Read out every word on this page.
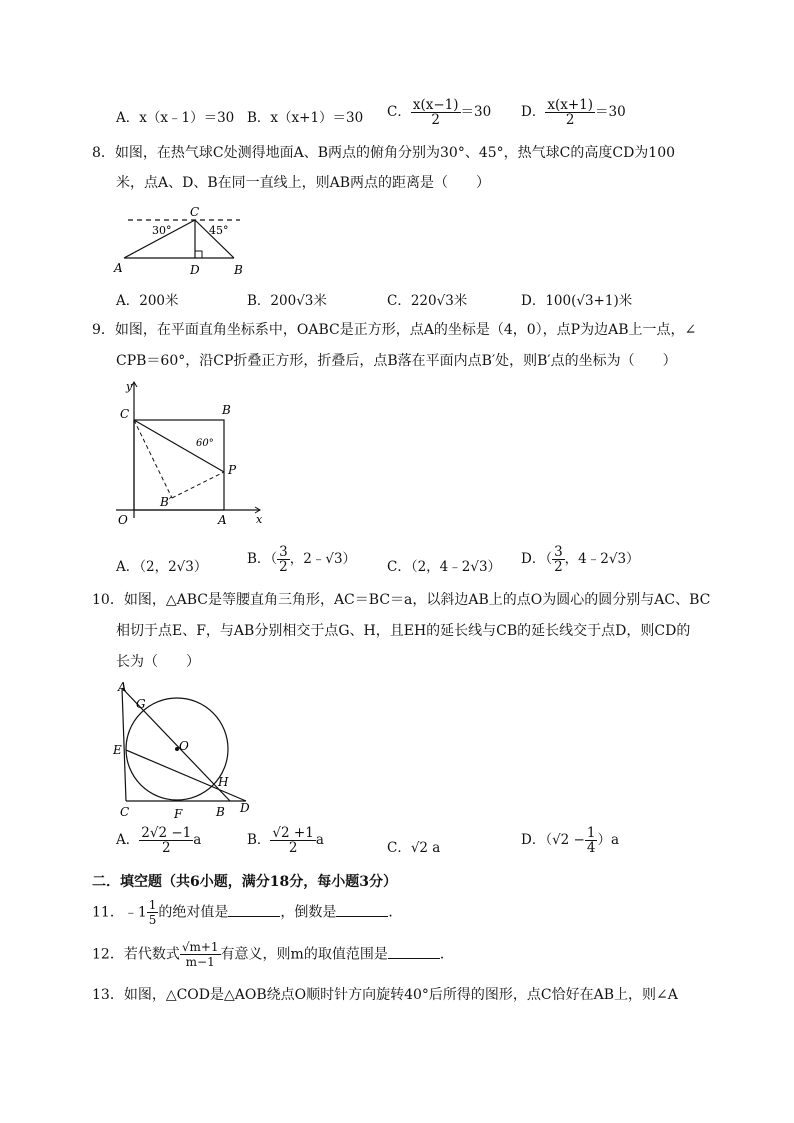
A．x（x﹣1）＝30 B．x（x+1）＝30 C． $\frac{x(x-1)}{2} =30$ D． $\frac{x(x+1)}{2} =30$
8．如图，在热气球C处测得地面A、B两点的俯角分别为30°、45°，热气球C的高度CD为100
米，点A、D、B在同一直线上，则AB两点的距离是（　　）
C
A	D	B
30°	45°
A．200米	B．200√3米	C．220√3米	D．100(√3+1)米
9．如图，在平面直角坐标系中，OABC是正方形，点A的坐标是（4，0），点P为边AB上一点，∠
CPB＝60°，沿CP折叠正方形，折叠后，点B落在平面内点B′处，则B′点的坐标为（　　）
y
x
C	B
O	A
P
B′
60°
A．（2，2√3）	B．（ $\frac{3}{2}$ ，2﹣√3） C．（2，4﹣2√3） D．（ $\frac{3}{2}$ ，4﹣2√3）
10．如图，△ABC是等腰直角三角形，AC＝BC＝a，以斜边AB上的点O为圆心的圆分别与AC、BC
相切于点E、F，与AB分别相交于点G、H，且EH的延长线与CB的延长线交于点D，则CD的
长为（　　）
A
G
E	O
H
C	F	B D
A． $\frac{2√2 -1}{2}$ a	B． $\frac{√2 +1}{2}$ a	C．√2 a	D．$(√2 - \frac{1}{4} )a$
二．填空题（共6小题，满分18分，每小题3分）
11．﹣1 $\frac{1}{5}$ 的绝对值是	，倒数是	．
12．若代数式 $\frac{√m+1}{m-1}$ 有意义，则m的取值范围是	．
13．如图，△COD是△AOB绕点O顺时针方向旋转40°后所得的图形，点C恰好在AB上，则∠A
